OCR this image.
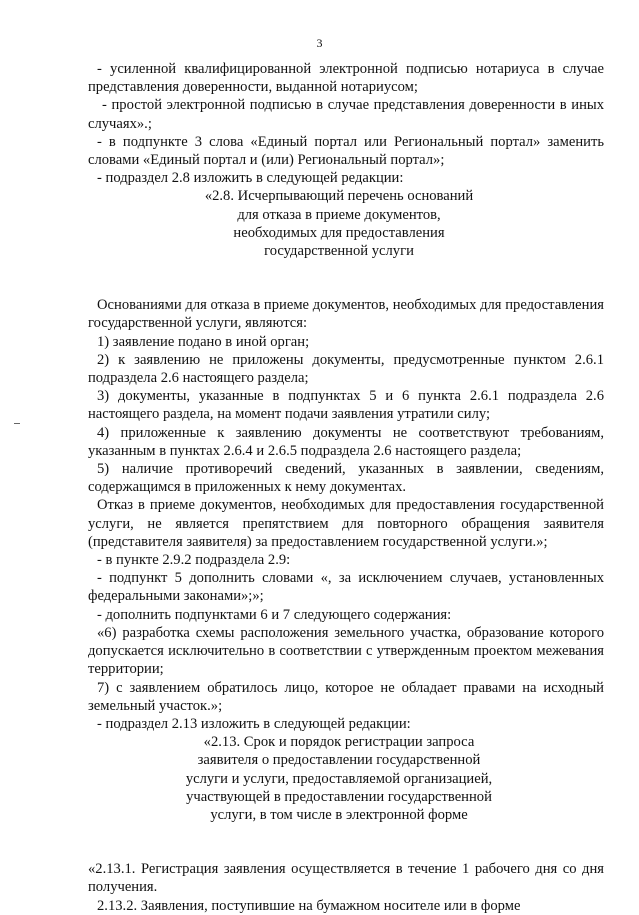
3

- усиленной квалифицированной электронной подписью нотариуса в случае представления доверенности, выданной нотариусом;

- простой электронной подписью в случае представления доверенности в иных случаях».;

- в подпункте 3 слова «Единый портал или Региональный портал» заменить словами «Единый портал и (или) Региональный портал»;

- подраздел 2.8 изложить в следующей редакции:

«2.8. Исчерпывающий перечень оснований

для отказа в приеме документов,

необходимых для предоставления

государственной услуги

Основаниями для отказа в приеме документов, необходимых для предоставления государственной услуги, являются:

1) заявление подано в иной орган;

2) к заявлению не приложены документы, предусмотренные пунктом 2.6.1 подраздела 2.6 настоящего раздела;

3) документы, указанные в подпунктах 5 и 6 пункта 2.6.1 подраздела 2.6 настоящего раздела, на момент подачи заявления утратили силу;

4) приложенные к заявлению документы не соответствуют требованиям, указанным в пунктах 2.6.4 и 2.6.5 подраздела 2.6 настоящего раздела;

5) наличие противоречий сведений, указанных в заявлении, сведениям, содержащимся в приложенных к нему документах.

Отказ в приеме документов, необходимых для предоставления государственной услуги, не является препятствием для повторного обращения заявителя (представителя заявителя) за предоставлением государственной услуги.»;

- в пункте 2.9.2 подраздела 2.9:

- подпункт 5 дополнить словами «, за исключением случаев, установленных федеральными законами»;»;

- дополнить подпунктами 6 и 7 следующего содержания:

«6) разработка схемы расположения земельного участка, образование которого допускается исключительно в соответствии с утвержденным проектом межевания территории;

7) с заявлением обратилось лицо, которое не обладает правами на исходный земельный участок.»;

- подраздел 2.13 изложить в следующей редакции:

«2.13. Срок и порядок регистрации запроса

заявителя о предоставлении государственной

услуги и услуги, предоставляемой организацией,

участвующей в предоставлении государственной

услуги, в том числе в электронной форме

«2.13.1. Регистрация заявления осуществляется в течение 1 рабочего дня со дня получения.

2.13.2. Заявления, поступившие на бумажном носителе или в форме
